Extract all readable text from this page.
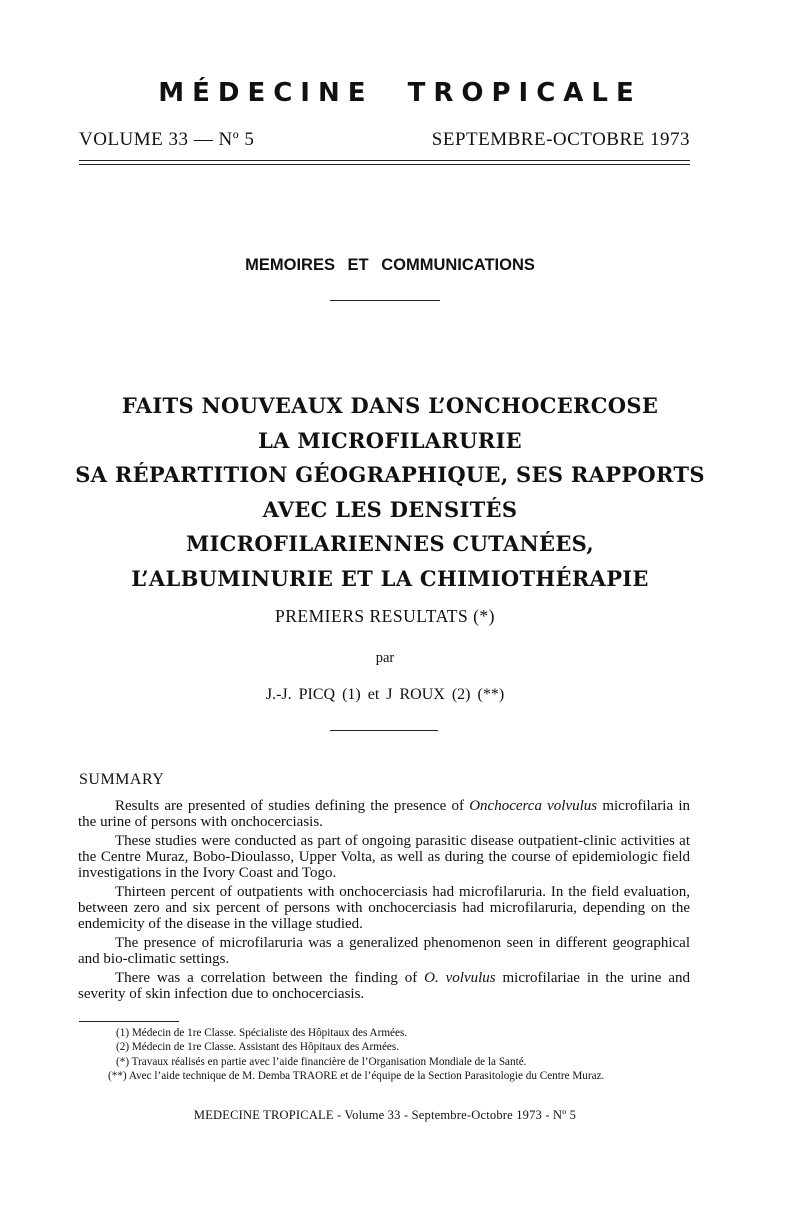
MÉDECINE  TROPICALE
VOLUME 33 — Nº 5	SEPTEMBRE-OCTOBRE 1973
MEMOIRES ET COMMUNICATIONS
FAITS NOUVEAUX DANS L’ONCHOCERCOSE
LA MICROFILARURIE
SA RÉPARTITION GÉOGRAPHIQUE, SES RAPPORTS
AVEC LES DENSITÉS
MICROFILARIENNES CUTANÉES,
L’ALBUMINURIE ET LA CHIMIOTHÉRAPIE
PREMIERS RESULTATS (*)
par
J.-J. PICQ (1) et J ROUX (2) (**)
SUMMARY

Results are presented of studies defining the presence of Onchocerca volvulus microfilaria in the urine of persons with onchocerciasis.

These studies were conducted as part of ongoing parasitic disease outpatient-clinic activities at the Centre Muraz, Bobo-Dioulasso, Upper Volta, as well as during the course of epidemiologic field investigations in the Ivory Coast and Togo.

Thirteen percent of outpatients with onchocerciasis had microfilaruria. In the field evaluation, between zero and six percent of persons with onchocerciasis had microfilaruria, depending on the endemicity of the disease in the village studied.

The presence of microfilaruria was a generalized phenomenon seen in different geographical and bio-climatic settings.

There was a correlation between the finding of O. volvulus microfilariae in the urine and severity of skin infection due to onchocerciasis.

(1) Médecin de 1re Classe. Spécialiste des Hôpitaux des Armées.
(2) Médecin de 1re Classe. Assistant des Hôpitaux des Armées.
(*) Travaux réalisés en partie avec l’aide financière de l’Organisation Mondiale de la Santé.
(**) Avec l’aide technique de M. Demba TRAORE et de l’équipe de la Section Parasitologie du Centre Muraz.
MEDECINE TROPICALE - Volume 33 - Septembre-Octobre 1973 - Nº 5
